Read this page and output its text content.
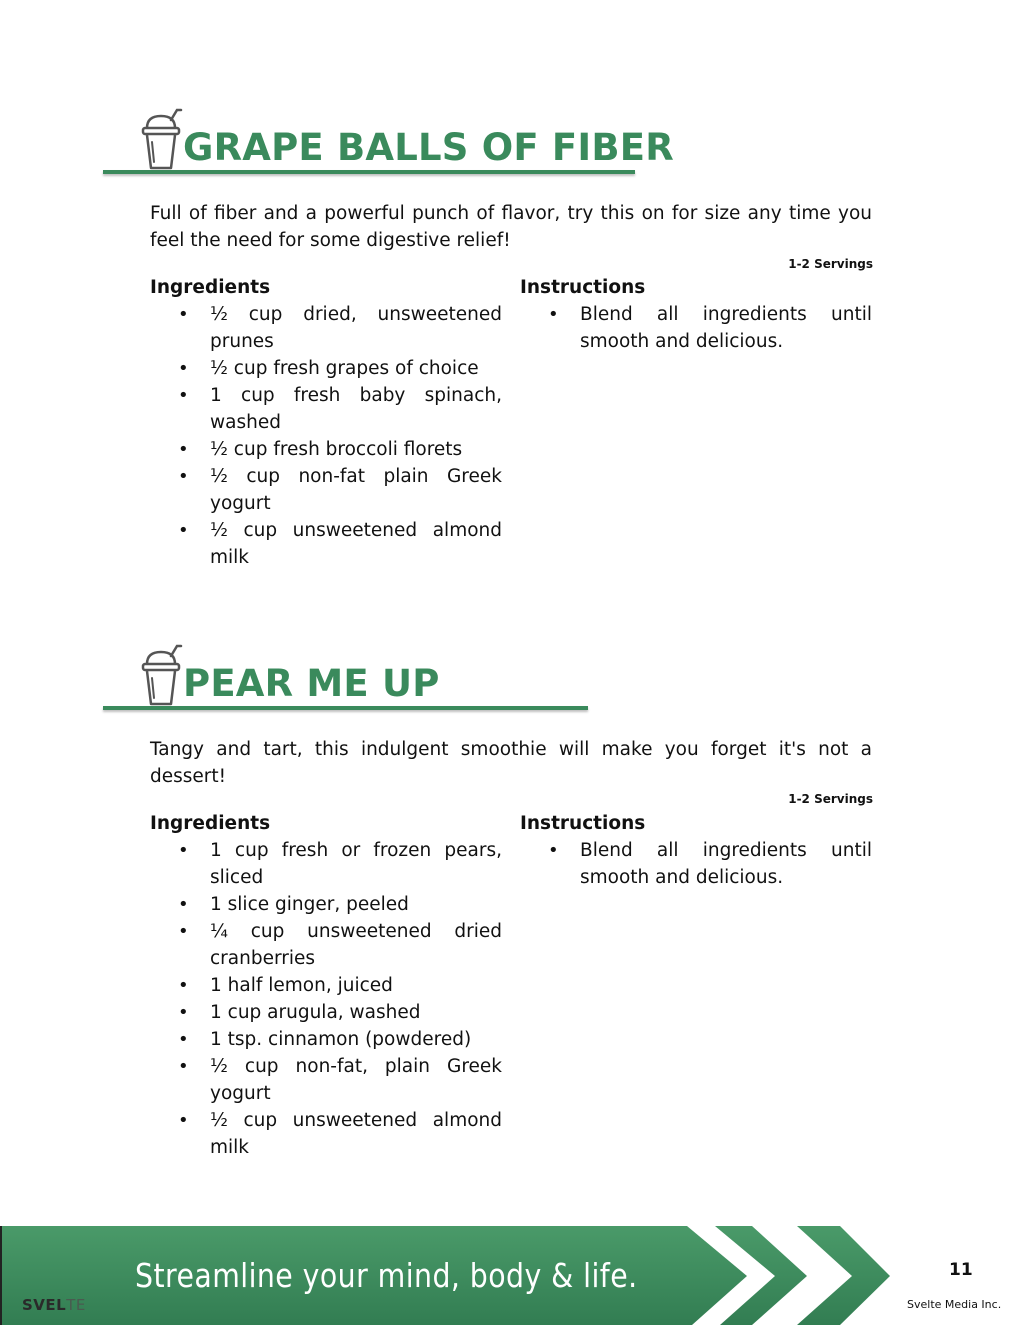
GRAPE BALLS OF FIBER

Full of fiber and a powerful punch of flavor, try this on for size any time you feel the need for some digestive relief!

1-2 Servings
Ingredients
• ½ cup dried, unsweetened prunes
• ½ cup fresh grapes of choice
• 1 cup fresh baby spinach, washed
• ½ cup fresh broccoli florets
• ½ cup non-fat plain Greek yogurt
• ½ cup unsweetened almond milk
Instructions
• Blend all ingredients until smooth and delicious.
PEAR ME UP

Tangy and tart, this indulgent smoothie will make you forget it's not a dessert!

1-2 Servings
Ingredients
• 1 cup fresh or frozen pears, sliced
• 1 slice ginger, peeled
• ¼ cup unsweetened dried cranberries
• 1 half lemon, juiced
• 1 cup arugula, washed
• 1 tsp. cinnamon (powdered)
• ½ cup non-fat, plain Greek yogurt
• ½ cup unsweetened almond milk
Instructions
• Blend all ingredients until smooth and delicious.
Streamline your mind, body & life.
SVELTE
11
Svelte Media Inc.
